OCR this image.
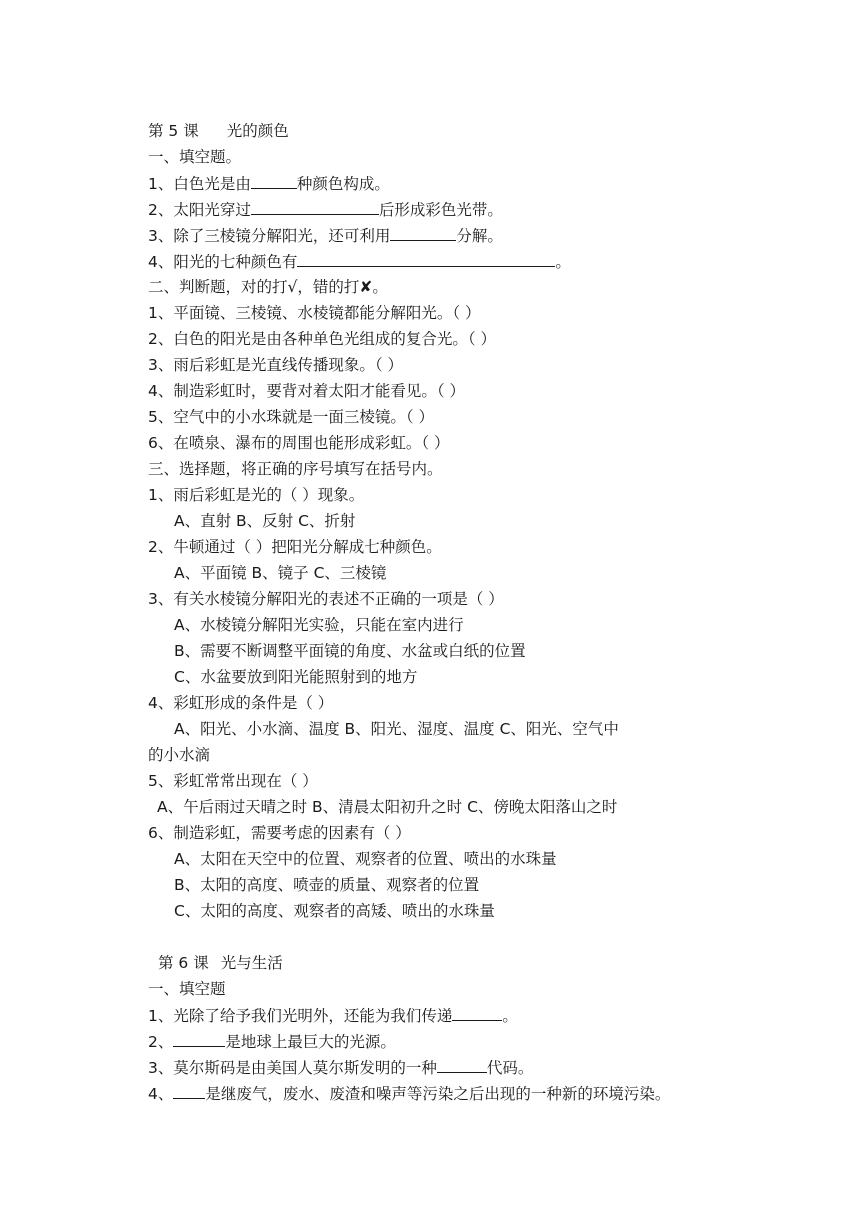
第 5 课 光的颜色
一、填空题。
1、白色光是由	种颜色构成。
2、太阳光穿过	后形成彩色光带。
3、除了三棱镜分解阳光，还可利用	分解。
4、阳光的七种颜色有	。
二、判断题，对的打√，错的打✘。
1、平面镜、三棱镜、水棱镜都能分解阳光。（ ）
2、白色的阳光是由各种单色光组成的复合光。（ ）
3、雨后彩虹是光直线传播现象。（ ）
4、制造彩虹时，要背对着太阳才能看见。（ ）
5、空气中的小水珠就是一面三棱镜。（ ）
6、在喷泉、瀑布的周围也能形成彩虹。（ ）
三、选择题，将正确的序号填写在括号内。
1、雨后彩虹是光的（ ）现象。
A、直射 B、反射 C、折射
2、牛顿通过（ ）把阳光分解成七种颜色。
A、平面镜 B、镜子 C、三棱镜
3、有关水棱镜分解阳光的表述不正确的一项是（ ）
A、水棱镜分解阳光实验，只能在室内进行
B、需要不断调整平面镜的角度、水盆或白纸的位置
C、水盆要放到阳光能照射到的地方
4、彩虹形成的条件是（ ）
A、阳光、小水滴、温度 B、阳光、湿度、温度 C、阳光、空气中
的小水滴
5、彩虹常常出现在（ ）
A、午后雨过天晴之时 B、清晨太阳初升之时 C、傍晚太阳落山之时
6、制造彩虹，需要考虑的因素有（ ）
A、太阳在天空中的位置、观察者的位置、喷出的水珠量
B、太阳的高度、喷壶的质量、观察者的位置
C、太阳的高度、观察者的高矮、喷出的水珠量
第 6 课 光与生活
一、填空题
1、光除了给予我们光明外，还能为我们传递	。
2、	是地球上最巨大的光源。
3、莫尔斯码是由美国人莫尔斯发明的一种	代码。
4、 是继废气，废水、废渣和噪声等污染之后出现的一种新的环境污染。
